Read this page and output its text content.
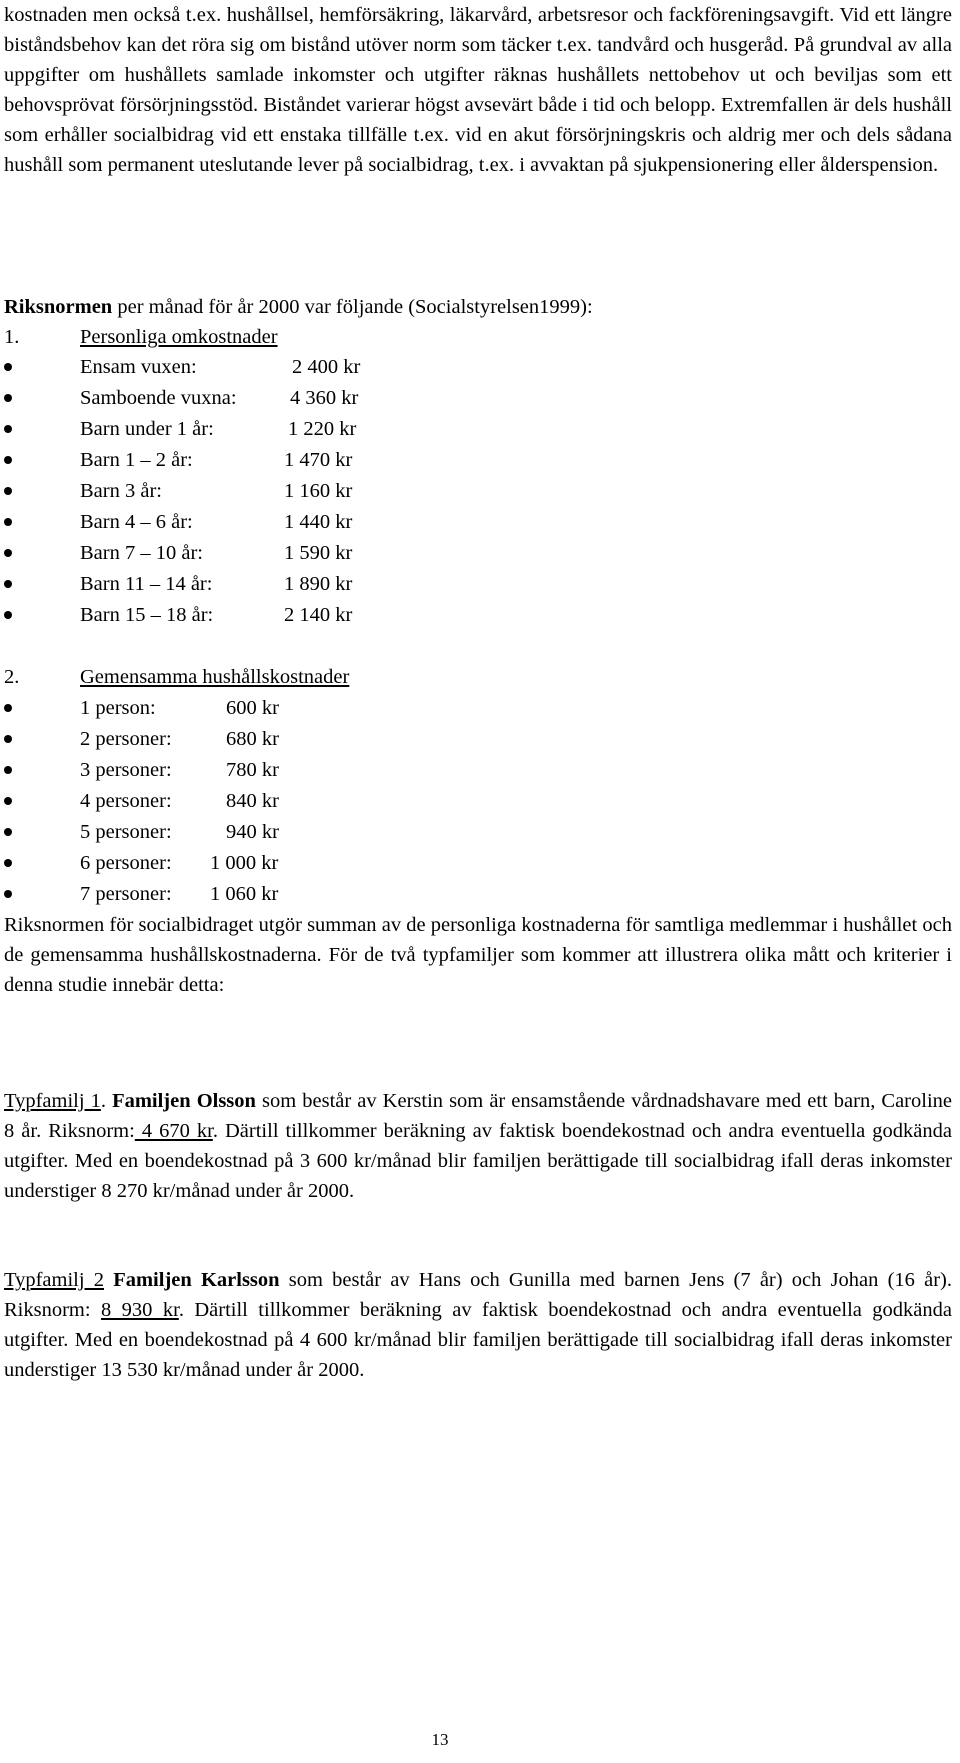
kostnaden men också t.ex. hushållsel, hemförsäkring, läkarvård, arbetsresor och fackföreningsavgift. Vid ett längre biståndsbehov kan det röra sig om bistånd utöver norm som täcker t.ex. tandvård och husgeråd. På grundval av alla uppgifter om hushållets samlade inkomster och utgifter räknas hushållets nettobehov ut och beviljas som ett behovsprövat försörjningsstöd. Biståndet varierar högst avsevärt både i tid och belopp. Extremfallen är dels hushåll som erhåller socialbidrag vid ett enstaka tillfälle t.ex. vid en akut försörjningskris och aldrig mer och dels sådana hushåll som permanent uteslutande lever på socialbidrag, t.ex. i avvaktan på sjukpensionering eller ålderspension.
Riksnormen per månad för år 2000 var följande (Socialstyrelsen1999):
1.	Personliga omkostnader
Ensam vuxen:	2 400 kr
Samboende vuxna:	4 360 kr
Barn under 1 år:	1 220 kr
Barn 1 – 2 år:	1 470 kr
Barn 3 år:	1 160 kr
Barn 4 – 6 år:	1 440 kr
Barn 7 – 10 år:	1 590 kr
Barn 11 – 14 år:	1 890 kr
Barn 15 – 18 år:	2 140 kr
2.	Gemensamma hushållskostnader
1 person:	600 kr
2 personer:	680 kr
3 personer:	780 kr
4 personer:	840 kr
5 personer:	940 kr
6 personer: 1 000 kr
7 personer: 1 060 kr
Riksnormen för socialbidraget utgör summan av de personliga kostnaderna för samtliga medlemmar i hushållet och de gemensamma hushållskostnaderna. För de två typfamiljer som kommer att illustrera olika mått och kriterier i denna studie innebär detta:
Typfamilj 1. Familjen Olsson som består av Kerstin som är ensamstående vårdnadshavare med ett barn, Caroline 8 år. Riksnorm: 4 670 kr. Därtill tillkommer beräkning av faktisk boendekostnad och andra eventuella godkända utgifter. Med en boendekostnad på 3 600 kr/månad blir familjen berättigade till socialbidrag ifall deras inkomster understiger 8 270 kr/månad under år 2000.
Typfamilj 2 Familjen Karlsson som består av Hans och Gunilla med barnen Jens (7 år) och Johan (16 år). Riksnorm: 8 930 kr. Därtill tillkommer beräkning av faktisk boendekostnad och andra eventuella godkända utgifter. Med en boendekostnad på 4 600 kr/månad blir familjen berättigade till socialbidrag ifall deras inkomster understiger 13 530 kr/månad under år 2000.
13
